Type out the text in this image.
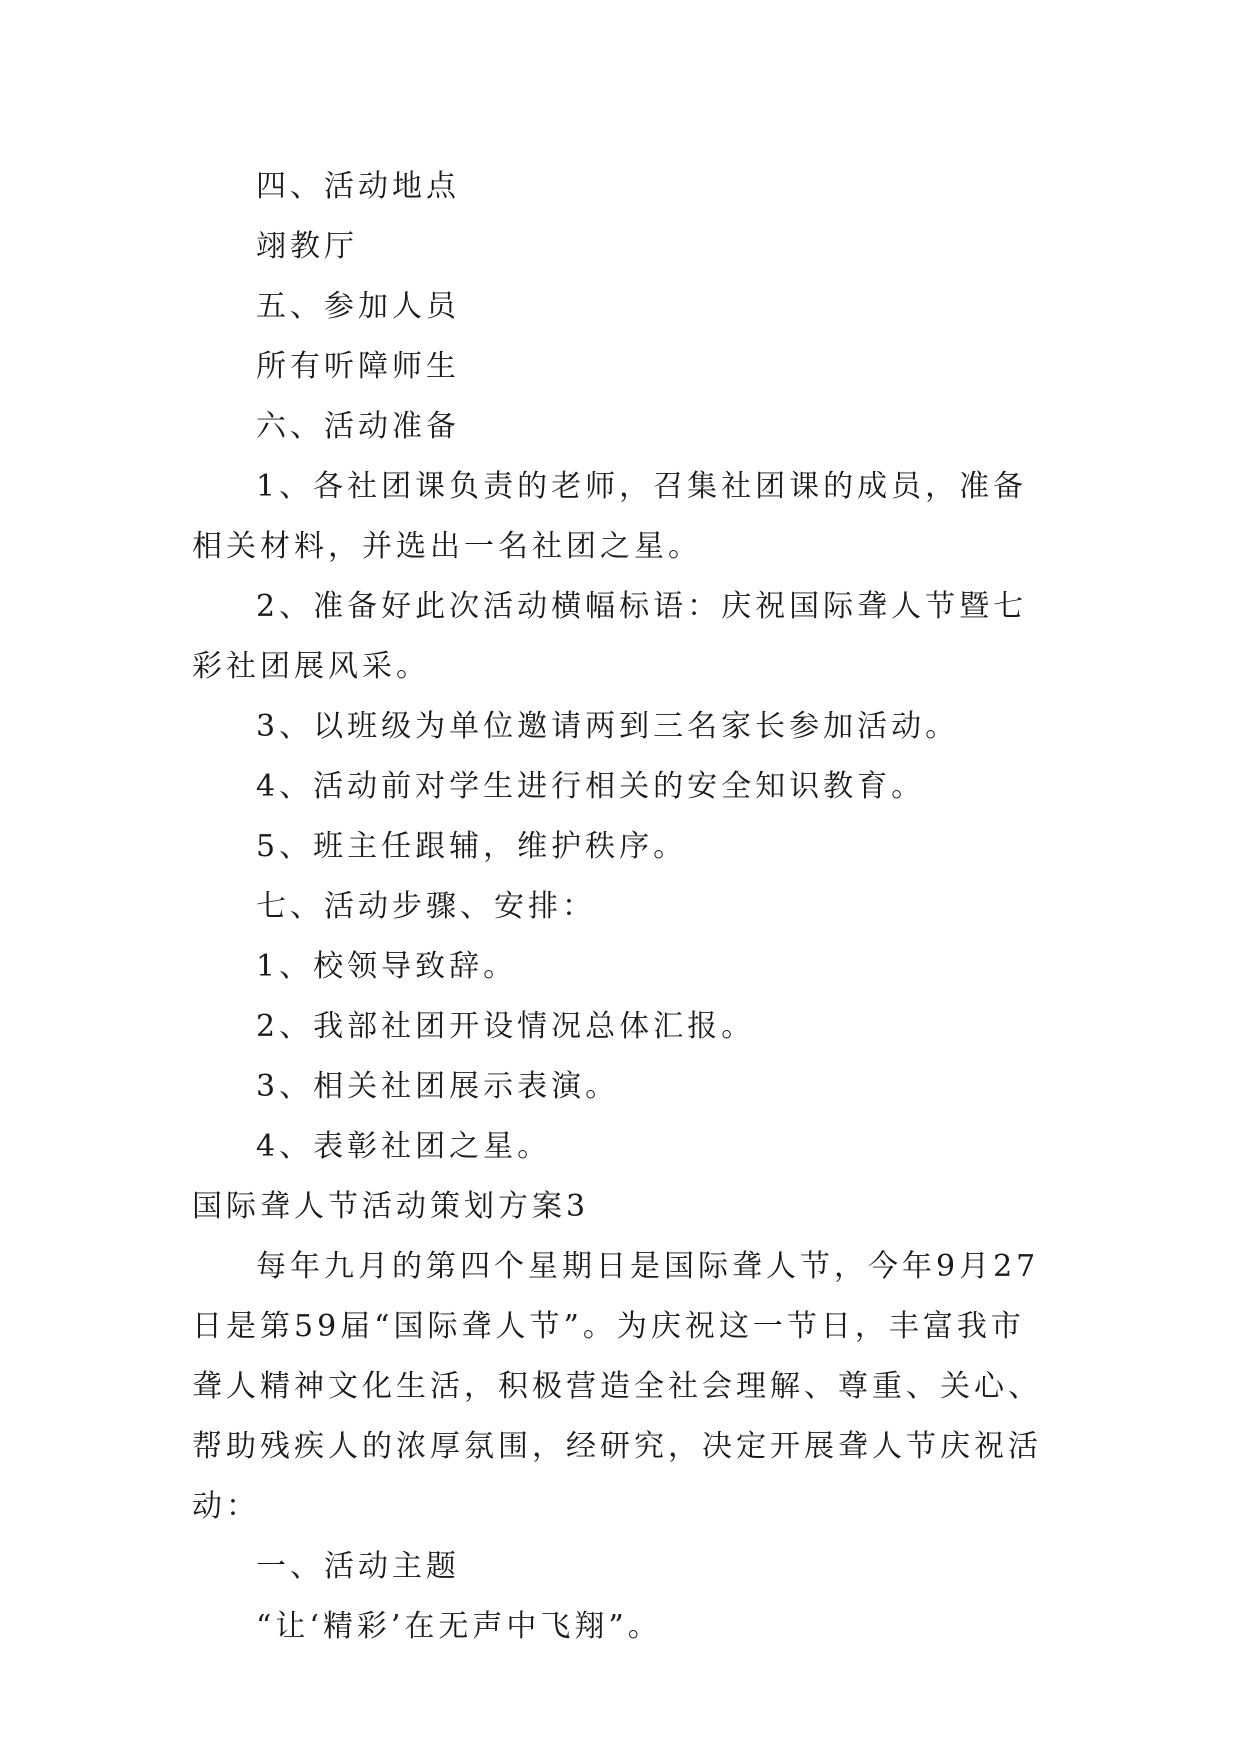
四、活动地点

翊教厅

五、参加人员

所有听障师生

六、活动准备

1、各社团课负责的老师，召集社团课的成员，准备相关材料，并选出一名社团之星。

2、准备好此次活动横幅标语：庆祝国际聋人节暨七彩社团展风采。

3、以班级为单位邀请两到三名家长参加活动。

4、活动前对学生进行相关的安全知识教育。

5、班主任跟辅，维护秩序。

七、活动步骤、安排：

1、校领导致辞。

2、我部社团开设情况总体汇报。

3、相关社团展示表演。

4、表彰社团之星。

国际聋人节活动策划方案3

每年九月的第四个星期日是国际聋人节，今年9月27日是第59届“国际聋人节”。为庆祝这一节日，丰富我市聋人精神文化生活，积极营造全社会理解、尊重、关心、帮助残疾人的浓厚氛围，经研究，决定开展聋人节庆祝活动：

一、活动主题

“让‘精彩’在无声中飞翔”。
